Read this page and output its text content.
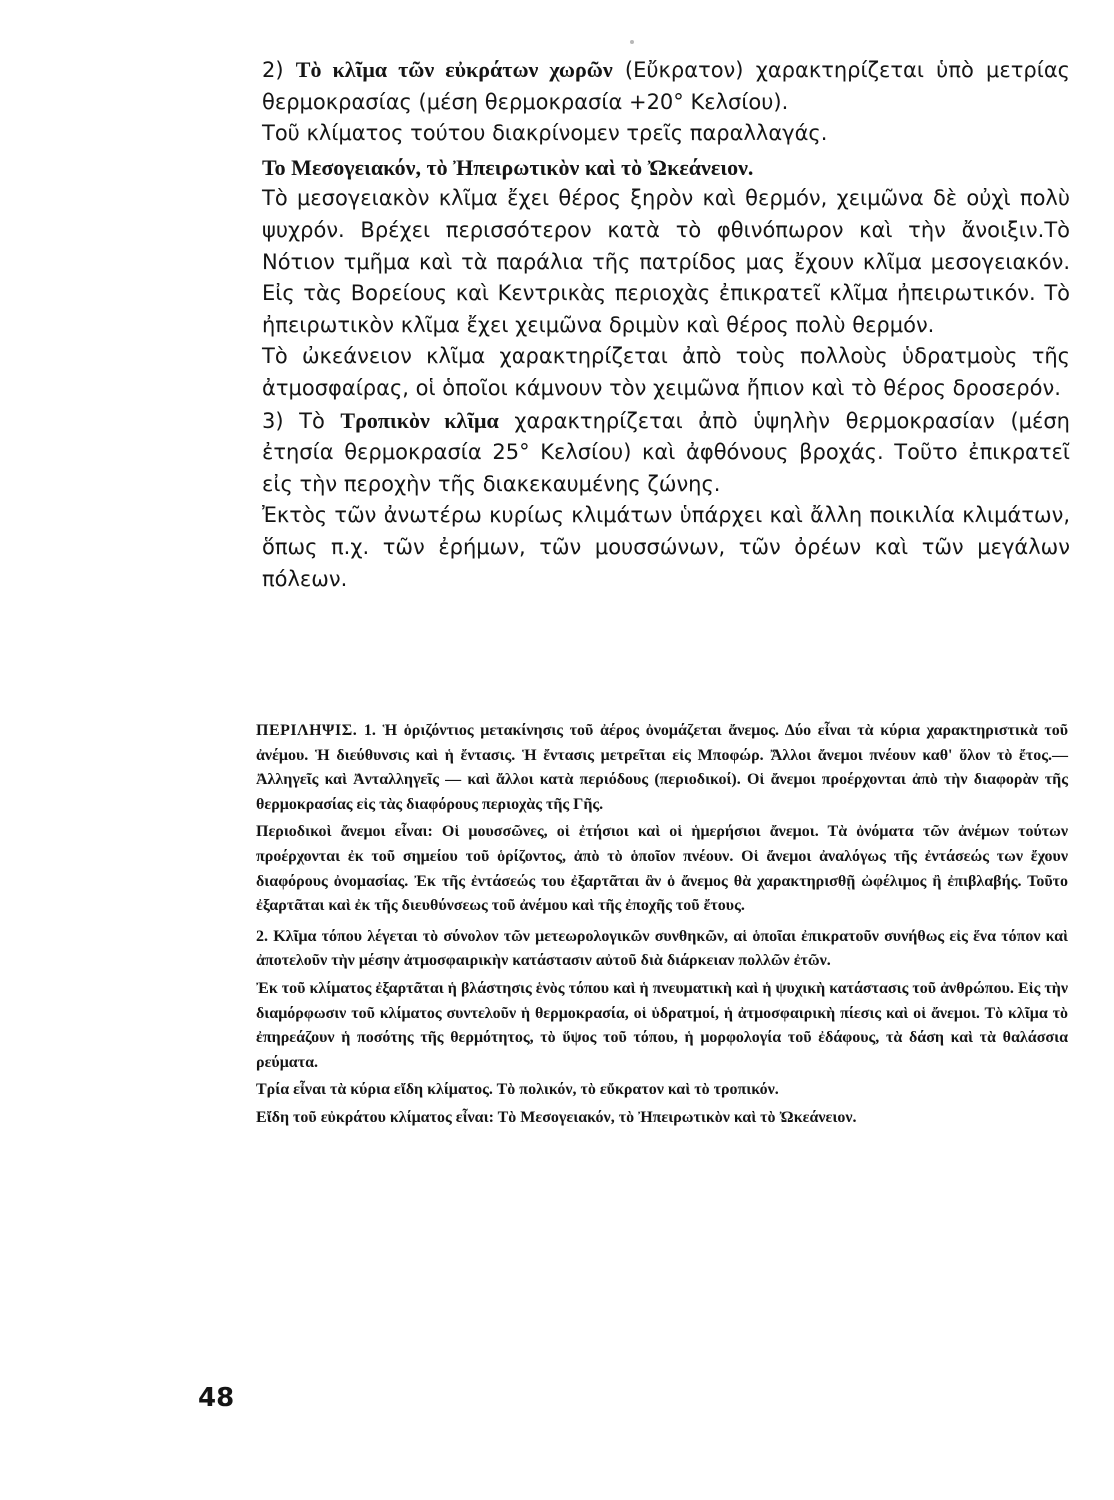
2) Τὸ κλῖμα τῶν εὐκράτων χωρῶν (Εὔκρατον) χαρακτηρίζεται ὑπὸ μετρίας θερμοκρασίας (μέση θερμοκρασία +20° Κελσίου).

Τοῦ κλίματος τούτου διακρίνομεν τρεῖς παραλλαγάς.

Το Μεσογειακόν, τὸ Ἠπειρωτικὸν καὶ τὸ Ὠκεάνειον.

Τὸ μεσογειακὸν κλῖμα ἔχει θέρος ξηρὸν καὶ θερμόν, χειμῶνα δὲ οὐχὶ πολὺ ψυχρόν. Βρέχει περισσότερον κατὰ τὸ φθινόπωρον καὶ τὴν ἄνοιξιν.Τὸ Νότιον τμῆμα καὶ τὰ παράλια τῆς πατρίδος μας ἔχουν κλῖμα μεσογειακόν. Εἰς τὰς Βορείους καὶ Κεντρικὰς περιοχὰς ἐπικρατεῖ κλῖμα ἠπειρωτικόν. Τὸ ἠπειρωτικὸν κλῖμα ἔχει χειμῶνα δριμὺν καὶ θέρος πολὺ θερμόν.

Τὸ ὠκεάνειον κλῖμα χαρακτηρίζεται ἀπὸ τοὺς πολλοὺς ὑδρατμοὺς τῆς ἀτμοσφαίρας, οἱ ὁποῖοι κάμνουν τὸν χειμῶνα ἤπιον καὶ τὸ θέρος δροσερόν.

3) Τὸ Τροπικὸν κλῖμα χαρακτηρίζεται ἀπὸ ὑψηλὴν θερμοκρασίαν (μέση ἐτησία θερμοκρασία 25° Κελσίου) καὶ ἀφθόνους βροχάς. Τοῦτο ἐπικρατεῖ εἰς τὴν περοχὴν τῆς διακεκαυμένης ζώνης.

Ἐκτὸς τῶν ἀνωτέρω κυρίως κλιμάτων ὑπάρχει καὶ ἄλλη ποικιλία κλιμάτων, ὅπως π.χ. τῶν ἐρήμων, τῶν μουσσώνων, τῶν ὀρέων καὶ τῶν μεγάλων πόλεων.

ΠΕΡΙΛΗΨΙΣ. 1. Ἡ ὁριζόντιος μετακίνησις τοῦ ἀέρος ὀνομάζεται ἄνεμος. Δύο εἶναι τὰ κύρια χαρακτηριστικὰ τοῦ ἀνέμου. Ἡ διεύθυνσις καὶ ἡ ἔντασις. Ἡ ἔντασις μετρεῖται εἰς Μποφώρ. Ἄλλοι ἄνεμοι πνέουν καθ' ὅλον τὸ ἔτος.— Ἀλληγεῖς καὶ Ἀνταλληγεῖς — καὶ ἄλλοι κατὰ περιόδους (περιοδικοί). Οἱ ἄνεμοι προέρχονται ἀπὸ τὴν διαφορὰν τῆς θερμοκρασίας εἰς τὰς διαφόρους περιοχὰς τῆς Γῆς.

Περιοδικοὶ ἄνεμοι εἶναι: Οἱ μουσσῶνες, οἱ ἐτήσιοι καὶ οἱ ἡμερήσιοι ἄνεμοι. Τὰ ὀνόματα τῶν ἀνέμων τούτων προέρχονται ἐκ τοῦ σημείου τοῦ ὁρίζοντος, ἀπὸ τὸ ὁποῖον πνέουν. Οἱ ἄνεμοι ἀναλόγως τῆς ἐντάσεώς των ἔχουν διαφόρους ὀνομασίας. Ἐκ τῆς ἐντάσεώς του ἐξαρτᾶται ἂν ὁ ἄνεμος θὰ χαρακτηρισθῇ ὠφέλιμος ἢ ἐπιβλαβής. Τοῦτο ἐξαρτᾶται καὶ ἐκ τῆς διευθύνσεως τοῦ ἀνέμου καὶ τῆς ἐποχῆς τοῦ ἔτους.

2. Κλῖμα τόπου λέγεται τὸ σύνολον τῶν μετεωρολογικῶν συνθηκῶν, αἱ ὁποῖαι ἐπικρατοῦν συνήθως εἰς ἕνα τόπον καὶ ἀποτελοῦν τὴν μέσην ἀτμοσφαιρικὴν κατάστασιν αὐτοῦ διὰ διάρκειαν πολλῶν ἐτῶν.

Ἐκ τοῦ κλίματος ἐξαρτᾶται ἡ βλάστησις ἑνὸς τόπου καὶ ἡ πνευματικὴ καὶ ἡ ψυχικὴ κατάστασις τοῦ ἀνθρώπου. Εἰς τὴν διαμόρφωσιν τοῦ κλίματος συντελοῦν ἡ θερμοκρασία, οἱ ὑδρατμοί, ἡ ἀτμοσφαιρικὴ πίεσις καὶ οἱ ἄνεμοι. Τὸ κλῖμα τὸ ἐπηρεάζουν ἡ ποσότης τῆς θερμότητος, τὸ ὕψος τοῦ τόπου, ἡ μορφολογία τοῦ ἐδάφους, τὰ δάση καὶ τὰ θαλάσσια ρεύματα.

Τρία εἶναι τὰ κύρια εἴδη κλίματος. Τὸ πολικόν, τὸ εὔκρατον καὶ τὸ τροπικόν.

Εἴδη τοῦ εὐκράτου κλίματος εἶναι: Τὸ Μεσογειακόν, τὸ Ἠπειρωτικὸν καὶ τὸ Ὠκεάνειον.

48
